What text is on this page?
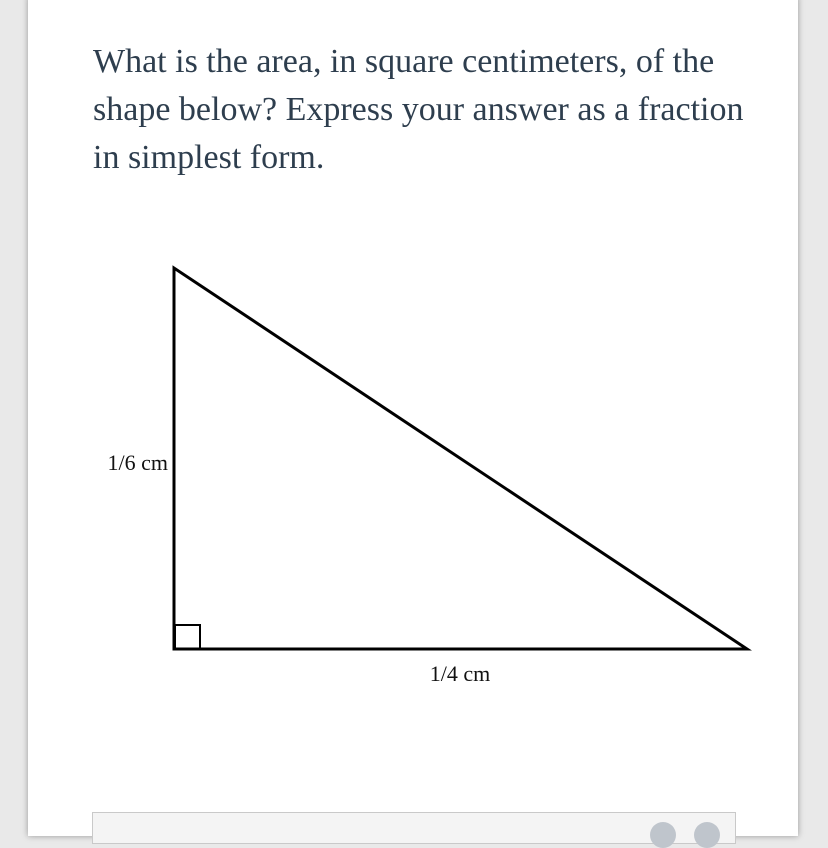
What is the area, in square centimeters, of the shape below? Express your answer as a fraction in simplest form.

1/6 cm
1/4 cm
